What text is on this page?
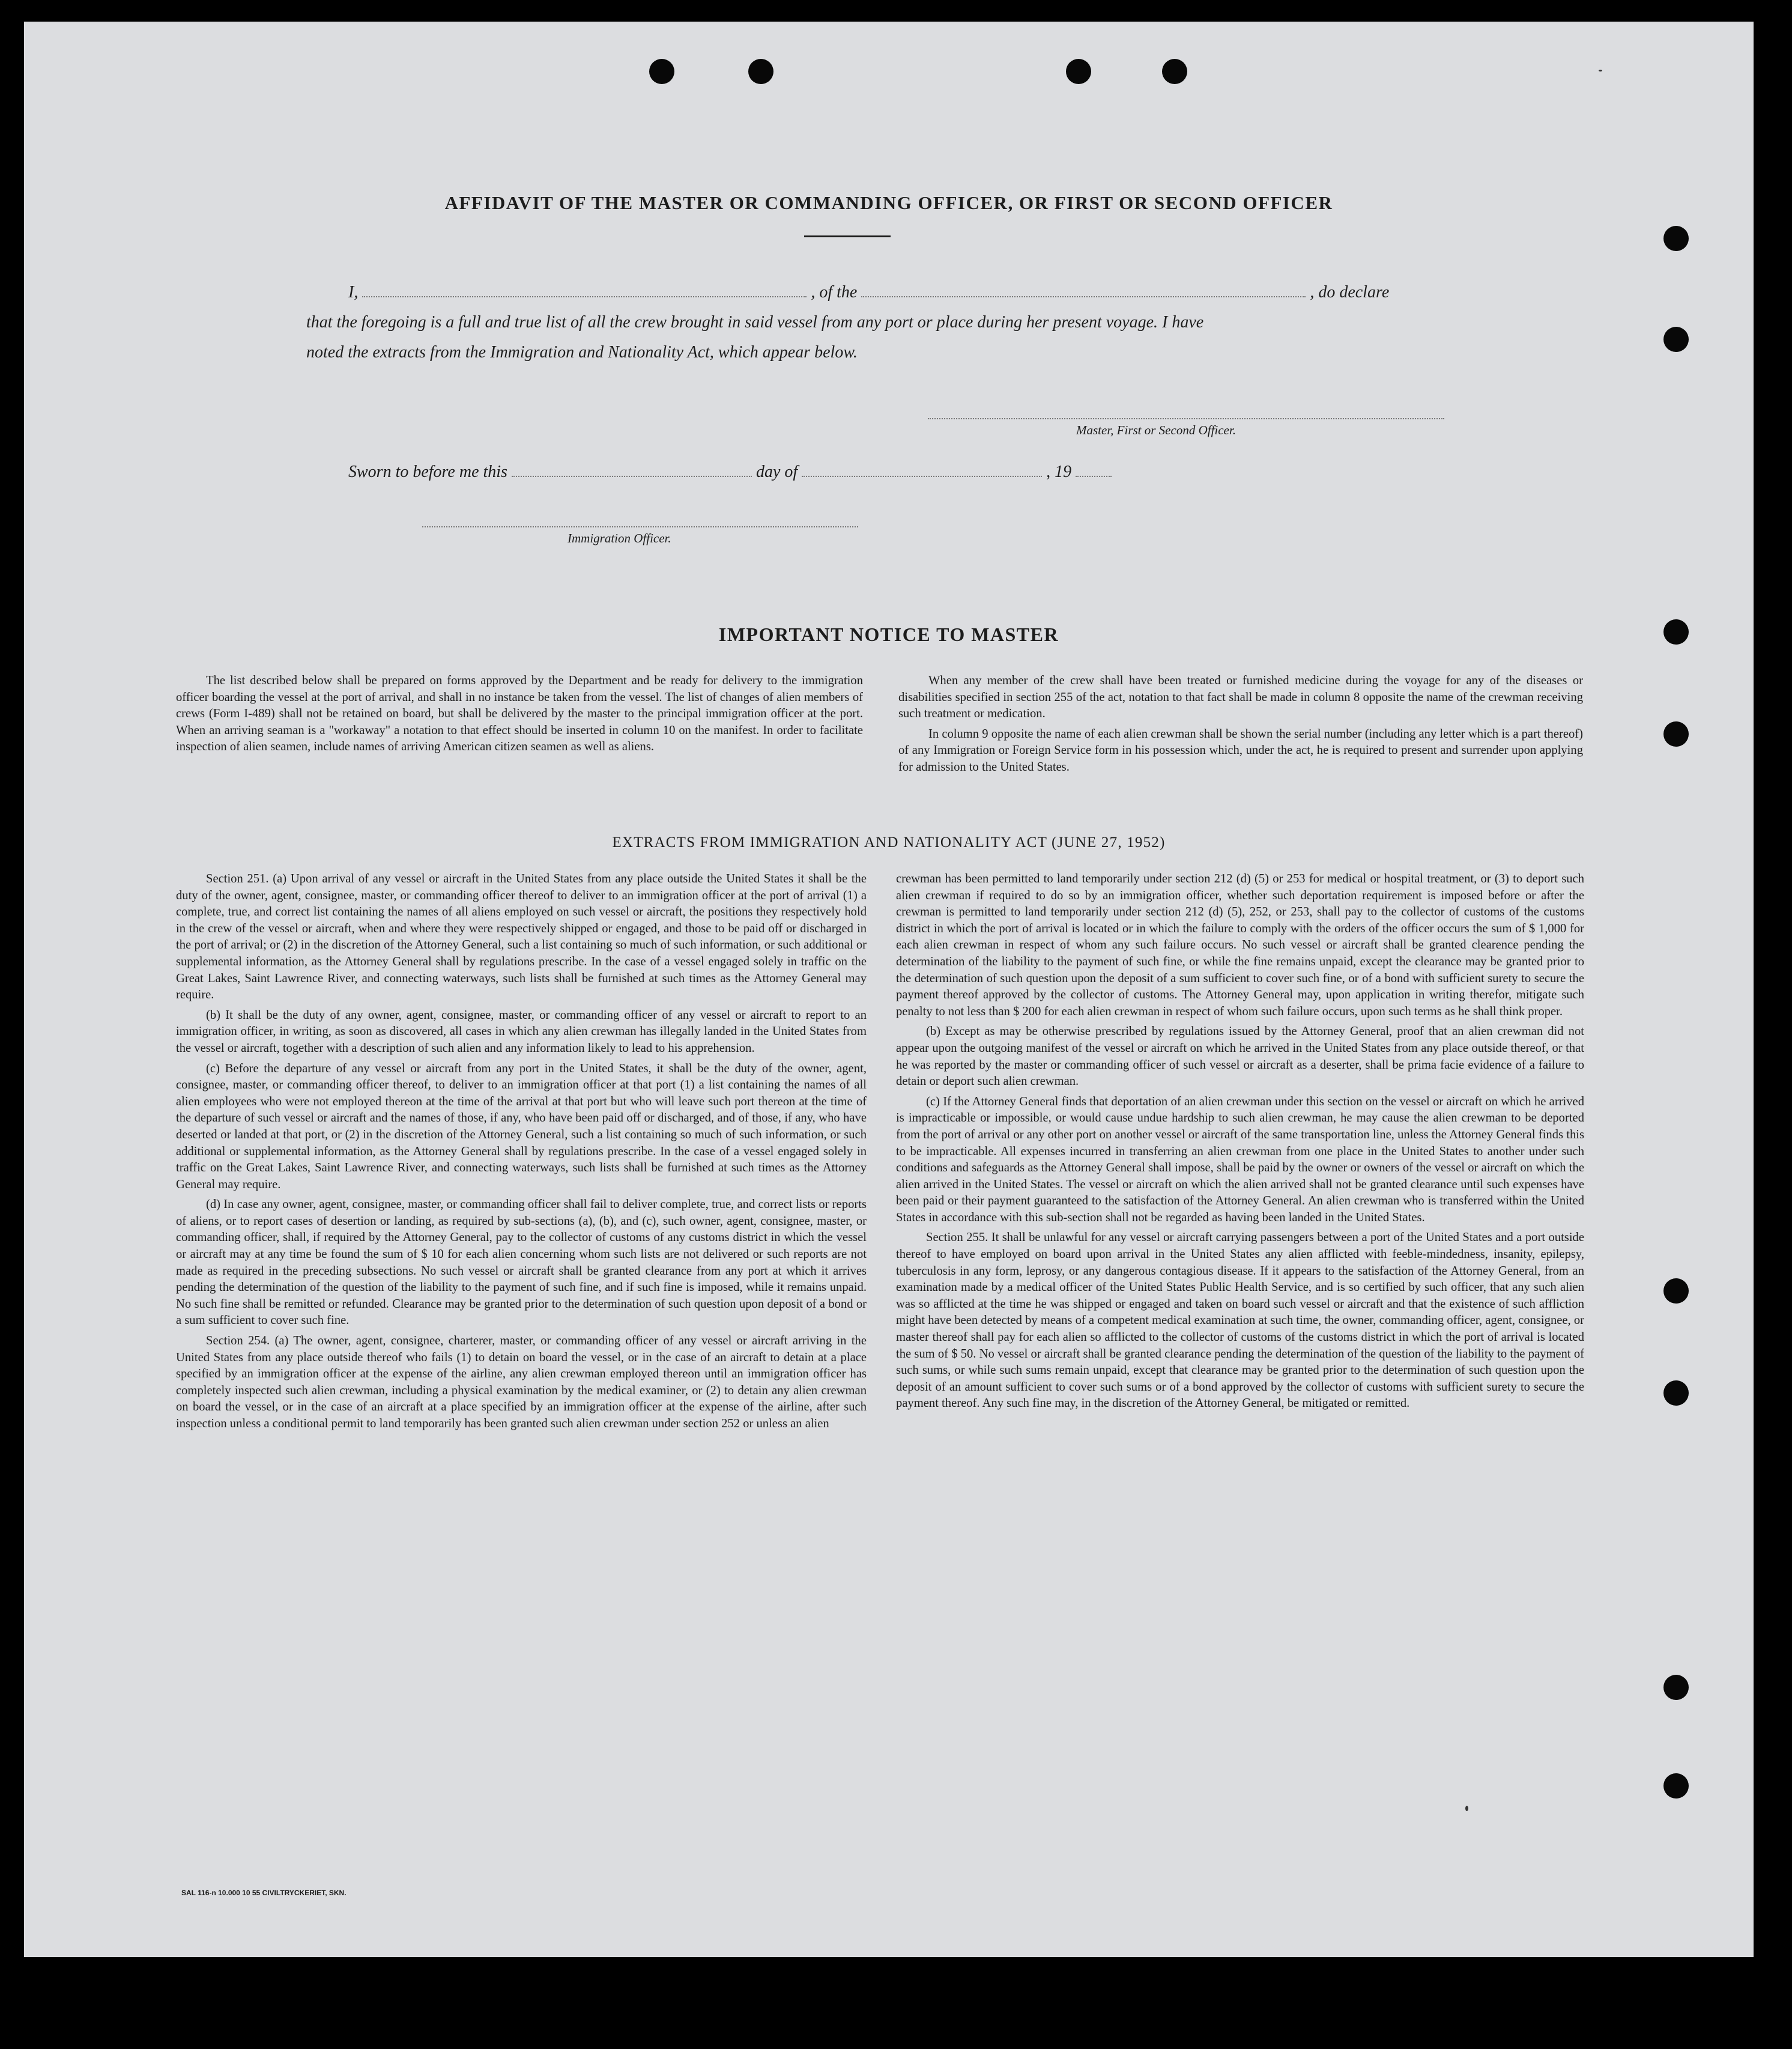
AFFIDAVIT OF THE MASTER OR COMMANDING OFFICER, OR FIRST OR SECOND OFFICER
I,	, of the	, do declare
that the foregoing is a full and true list of all the crew brought in said vessel from any port or place during her present voyage. I have
noted the extracts from the Immigration and Nationality Act, which appear below.
Master, First or Second Officer.
Sworn to before me this	day of	, 19
Immigration Officer.
IMPORTANT NOTICE TO MASTER

The list described below shall be prepared on forms approved by the Department and be ready for delivery to the immigration officer boarding the vessel at the port of arrival, and shall in no instance be taken from the vessel. The list of changes of alien members of crews (Form I-489) shall not be retained on board, but shall be delivered by the master to the principal immigration officer at the port. When an arriving seaman is a "workaway" a notation to that effect should be inserted in column 10 on the manifest. In order to facilitate inspection of alien seamen, include names of arriving American citizen seamen as well as aliens.

When any member of the crew shall have been treated or furnished medicine during the voyage for any of the diseases or disabilities specified in section 255 of the act, notation to that fact shall be made in column 8 opposite the name of the crewman receiving such treatment or medication.

In column 9 opposite the name of each alien crewman shall be shown the serial number (including any letter which is a part thereof) of any Immigration or Foreign Service form in his possession which, under the act, he is required to present and surrender upon applying for admission to the United States.

EXTRACTS FROM IMMIGRATION AND NATIONALITY ACT (JUNE 27, 1952)

Section 251. (a) Upon arrival of any vessel or aircraft in the United States from any place outside the United States it shall be the duty of the owner, agent, consignee, master, or commanding officer thereof to deliver to an immigration officer at the port of arrival (1) a complete, true, and correct list containing the names of all aliens employed on such vessel or aircraft, the positions they respectively hold in the crew of the vessel or aircraft, when and where they were respectively shipped or engaged, and those to be paid off or discharged in the port of arrival; or (2) in the discretion of the Attorney General, such a list containing so much of such information, or such additional or supplemental information, as the Attorney General shall by regulations prescribe. In the case of a vessel engaged solely in traffic on the Great Lakes, Saint Lawrence River, and connecting waterways, such lists shall be furnished at such times as the Attorney General may require.

(b) It shall be the duty of any owner, agent, consignee, master, or commanding officer of any vessel or aircraft to report to an immigration officer, in writing, as soon as discovered, all cases in which any alien crewman has illegally landed in the United States from the vessel or aircraft, together with a description of such alien and any information likely to lead to his apprehension.

(c) Before the departure of any vessel or aircraft from any port in the United States, it shall be the duty of the owner, agent, consignee, master, or commanding officer thereof, to deliver to an immigration officer at that port (1) a list containing the names of all alien employees who were not employed thereon at the time of the arrival at that port but who will leave such port thereon at the time of the departure of such vessel or aircraft and the names of those, if any, who have been paid off or discharged, and of those, if any, who have deserted or landed at that port, or (2) in the discretion of the Attorney General, such a list containing so much of such information, or such additional or supplemental information, as the Attorney General shall by regulations prescribe. In the case of a vessel engaged solely in traffic on the Great Lakes, Saint Lawrence River, and connecting waterways, such lists shall be furnished at such times as the Attorney General may require.

(d) In case any owner, agent, consignee, master, or commanding officer shall fail to deliver complete, true, and correct lists or reports of aliens, or to report cases of desertion or landing, as required by sub-sections (a), (b), and (c), such owner, agent, consignee, master, or commanding officer, shall, if required by the Attorney General, pay to the collector of customs of any customs district in which the vessel or aircraft may at any time be found the sum of $ 10 for each alien concerning whom such lists are not delivered or such reports are not made as required in the preceding subsections. No such vessel or aircraft shall be granted clearance from any port at which it arrives pending the determination of the question of the liability to the payment of such fine, and if such fine is imposed, while it remains unpaid. No such fine shall be remitted or refunded. Clearance may be granted prior to the determination of such question upon deposit of a bond or a sum sufficient to cover such fine.

Section 254. (a) The owner, agent, consignee, charterer, master, or commanding officer of any vessel or aircraft arriving in the United States from any place outside thereof who fails (1) to detain on board the vessel, or in the case of an aircraft to detain at a place specified by an immigration officer at the expense of the airline, any alien crewman employed thereon until an immigration officer has completely inspected such alien crewman, including a physical examination by the medical examiner, or (2) to detain any alien crewman on board the vessel, or in the case of an aircraft at a place specified by an immigration officer at the expense of the airline, after such inspection unless a conditional permit to land temporarily has been granted such alien crewman under section 252 or unless an alien

crewman has been permitted to land temporarily under section 212 (d) (5) or 253 for medical or hospital treatment, or (3) to deport such alien crewman if required to do so by an immigration officer, whether such deportation requirement is imposed before or after the crewman is permitted to land temporarily under section 212 (d) (5), 252, or 253, shall pay to the collector of customs of the customs district in which the port of arrival is located or in which the failure to comply with the orders of the officer occurs the sum of $ 1,000 for each alien crewman in respect of whom any such failure occurs. No such vessel or aircraft shall be granted clearence pending the determination of the liability to the payment of such fine, or while the fine remains unpaid, except the clearance may be granted prior to the determination of such question upon the deposit of a sum sufficient to cover such fine, or of a bond with sufficient surety to secure the payment thereof approved by the collector of customs. The Attorney General may, upon application in writing therefor, mitigate such penalty to not less than $ 200 for each alien crewman in respect of whom such failure occurs, upon such terms as he shall think proper.

(b) Except as may be otherwise prescribed by regulations issued by the Attorney General, proof that an alien crewman did not appear upon the outgoing manifest of the vessel or aircraft on which he arrived in the United States from any place outside thereof, or that he was reported by the master or commanding officer of such vessel or aircraft as a deserter, shall be prima facie evidence of a failure to detain or deport such alien crewman.

(c) If the Attorney General finds that deportation of an alien crewman under this section on the vessel or aircraft on which he arrived is impracticable or impossible, or would cause undue hardship to such alien crewman, he may cause the alien crewman to be deported from the port of arrival or any other port on another vessel or aircraft of the same transportation line, unless the Attorney General finds this to be impracticable. All expenses incurred in transferring an alien crewman from one place in the United States to another under such conditions and safeguards as the Attorney General shall impose, shall be paid by the owner or owners of the vessel or aircraft on which the alien arrived in the United States. The vessel or aircraft on which the alien arrived shall not be granted clearance until such expenses have been paid or their payment guaranteed to the satisfaction of the Attorney General. An alien crewman who is transferred within the United States in accordance with this sub-section shall not be regarded as having been landed in the United States.

Section 255. It shall be unlawful for any vessel or aircraft carrying passengers between a port of the United States and a port outside thereof to have employed on board upon arrival in the United States any alien afflicted with feeble-mindedness, insanity, epilepsy, tuberculosis in any form, leprosy, or any dangerous contagious disease. If it appears to the satisfaction of the Attorney General, from an examination made by a medical officer of the United States Public Health Service, and is so certified by such officer, that any such alien was so afflicted at the time he was shipped or engaged and taken on board such vessel or aircraft and that the existence of such affliction might have been detected by means of a competent medical examination at such time, the owner, commanding officer, agent, consignee, or master thereof shall pay for each alien so afflicted to the collector of customs of the customs district in which the port of arrival is located the sum of $ 50. No vessel or aircraft shall be granted clearance pending the determination of the question of the liability to the payment of such sums, or while such sums remain unpaid, except that clearance may be granted prior to the determination of such question upon the deposit of an amount sufficient to cover such sums or of a bond approved by the collector of customs with sufficient surety to secure the payment thereof. Any such fine may, in the discretion of the Attorney General, be mitigated or remitted.

SAL 116-n 10.000 10 55 CIVILTRYCKERIET, SKN.
